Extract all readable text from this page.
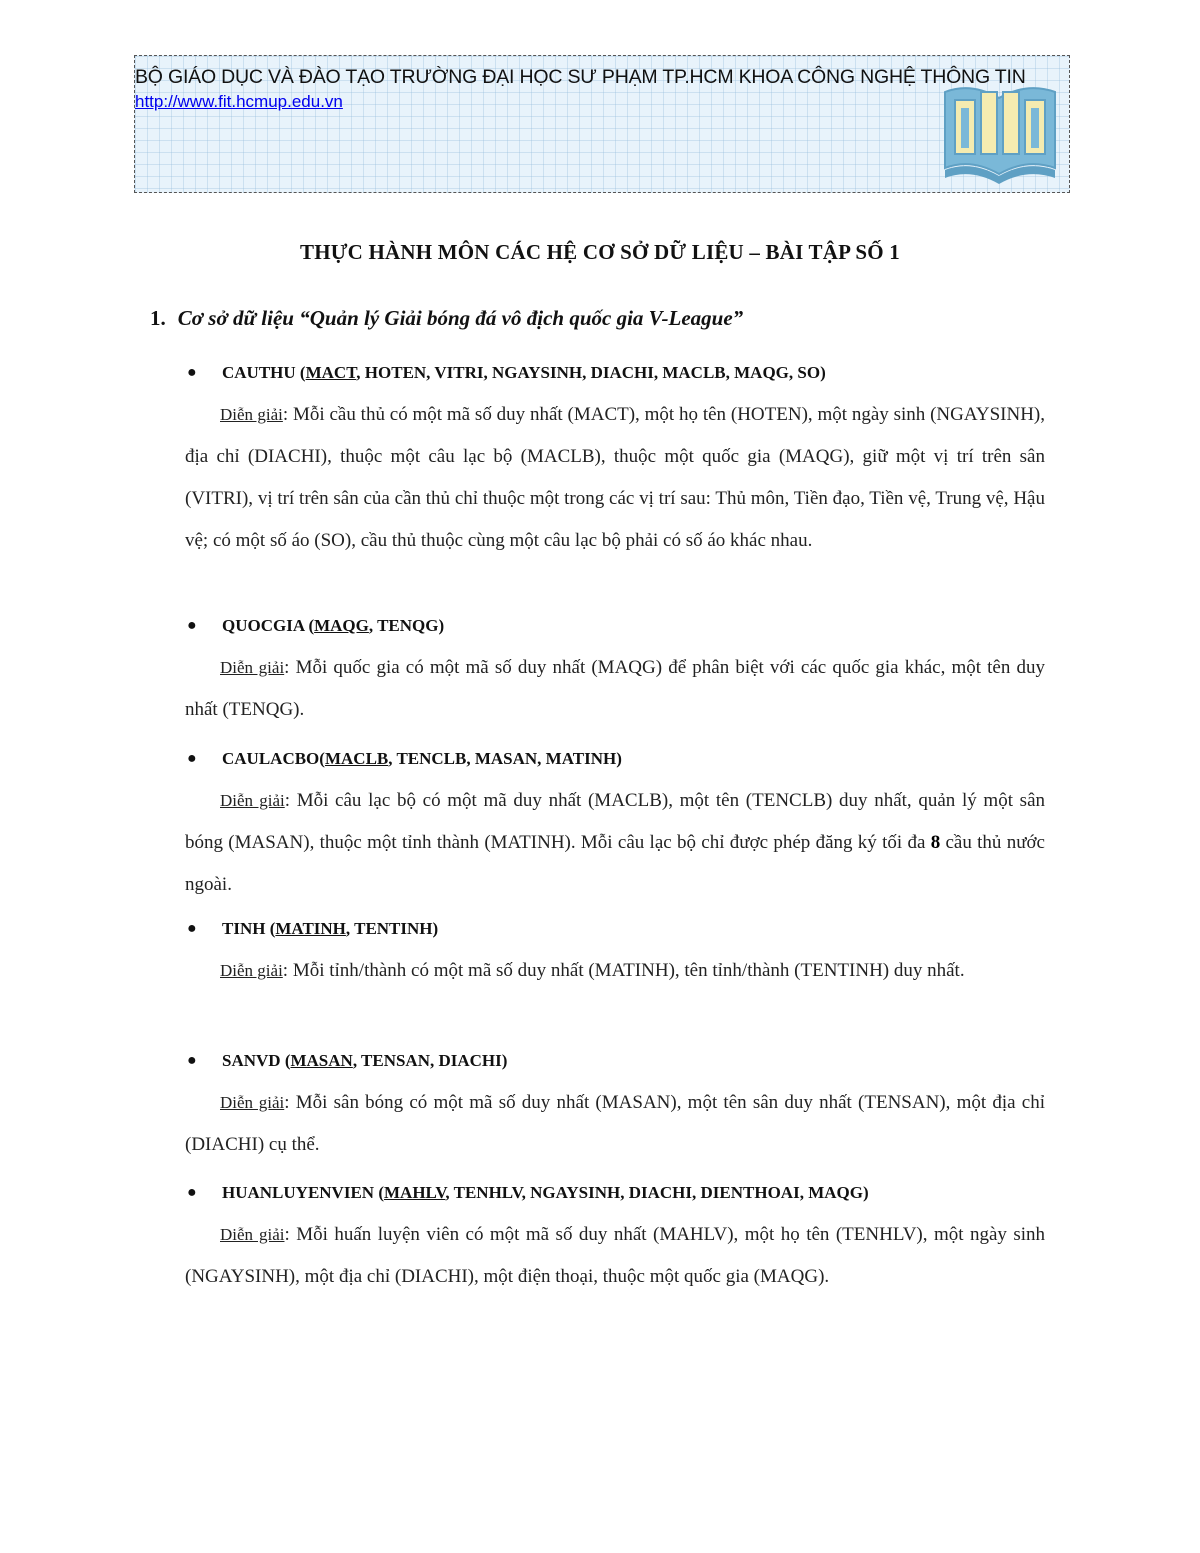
BỘ GIÁO DỤC VÀ ĐÀO TẠO TRƯỜNG ĐẠI HỌC SƯ PHẠM TP.HCM KHOA CÔNG NGHỆ THÔNG TIN
http://www.fit.hcmup.edu.vn
THỰC HÀNH MÔN CÁC HỆ CƠ SỞ DỮ LIỆU – BÀI TẬP SỐ 1
1. Cơ sở dữ liệu “Quản lý Giải bóng đá vô địch quốc gia V-League”
● CAUTHU (MACT, HOTEN, VITRI, NGAYSINH, DIACHI, MACLB, MAQG, SO)
Diễn giải: Mỗi cầu thủ có một mã số duy nhất (MACT), một họ tên (HOTEN), một ngày sinh (NGAYSINH), địa chỉ (DIACHI), thuộc một câu lạc bộ (MACLB), thuộc một quốc gia (MAQG), giữ một vị trí trên sân (VITRI), vị trí trên sân của cần thủ chỉ thuộc một trong các vị trí sau: Thủ môn, Tiền đạo, Tiền vệ, Trung vệ, Hậu vệ; có một số áo (SO), cầu thủ thuộc cùng một câu lạc bộ phải có số áo khác nhau.
● QUOCGIA (MAQG, TENQG)
Diễn giải: Mỗi quốc gia có một mã số duy nhất (MAQG) để phân biệt với các quốc gia khác, một tên duy nhất (TENQG).
● CAULACBO(MACLB, TENCLB, MASAN, MATINH)
Diễn giải: Mỗi câu lạc bộ có một mã duy nhất (MACLB), một tên (TENCLB) duy nhất, quản lý một sân bóng (MASAN), thuộc một tỉnh thành (MATINH). Mỗi câu lạc bộ chỉ được phép đăng ký tối đa 8 cầu thủ nước ngoài.
● TINH (MATINH, TENTINH)
Diễn giải: Mỗi tỉnh/thành có một mã số duy nhất (MATINH), tên tỉnh/thành (TENTINH) duy nhất.
● SANVD (MASAN, TENSAN, DIACHI)
Diễn giải: Mỗi sân bóng có một mã số duy nhất (MASAN), một tên sân duy nhất (TENSAN), một địa chỉ (DIACHI) cụ thể.
● HUANLUYENVIEN (MAHLV, TENHLV, NGAYSINH, DIACHI, DIENTHOAI, MAQG)
Diễn giải: Mỗi huấn luyện viên có một mã số duy nhất (MAHLV), một họ tên (TENHLV), một ngày sinh (NGAYSINH), một địa chỉ (DIACHI), một điện thoại, thuộc một quốc gia (MAQG).
